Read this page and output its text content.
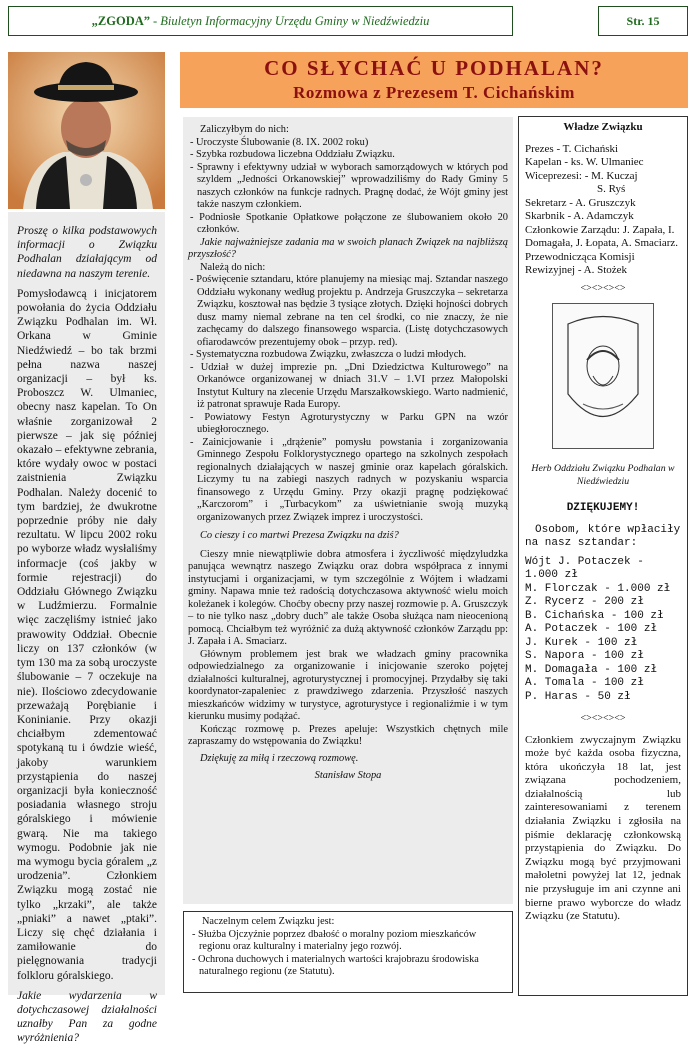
„ZGODA” - Biuletyn Informacyjny Urzędu Gminy w Niedźwiedziu	Str. 15
CO SŁYCHAĆ U PODHALAN?
Rozmowa z Prezesem T. Cichańskim

Proszę o kilka podstawowych informacji o Związku Podhalan działającym od niedawna na naszym terenie.

Pomysłodawcą i inicjatorem powołania do życia Oddziału Związku Podhalan im. Wł. Orkana w Gminie Niedźwiedź – bo tak brzmi pełna nazwa naszej organizacji – był ks. Proboszcz W. Ulmaniec, obecny nasz kapelan. To On właśnie zorganizował 2 pierwsze – jak się później okazało – efektywne zebrania, które wydały owoc w postaci zaistnienia Związku Podhalan. Należy docenić to tym bardziej, że dwukrotne poprzednie próby nie dały rezultatu. W lipcu 2002 roku po wyborze władz wysłaliśmy informacje (coś jakby w formie rejestracji) do Oddziału Głównego Związku w Ludźmierzu. Formalnie więc zaczęliśmy istnieć jako prawowity Oddział. Obecnie liczy on 137 członków (w tym 130 ma za sobą uroczyste ślubowanie – 7 oczekuje na nie). Ilościowo zdecydowanie przeważają Porębianie i Koninianie. Przy okazji chciałbym zdementować spotykaną tu i ówdzie wieść, jakoby warunkiem przystąpienia do naszej organizacji była konieczność posiadania własnego stroju góralskiego i mówienie gwarą. Nie ma takiego wymogu. Podobnie jak nie ma wymogu bycia góralem „z urodzenia”. Członkiem Związku mogą zostać nie tylko „krzaki”, ale także „pniaki” a nawet „ptaki”. Liczy się chęć działania i zamiłowanie do pielęgnowania tradycji folkloru góralskiego.

Jakie wydarzenia w dotychczasowej działalności uznałby Pan za godne wyróżnienia?

Zaliczyłbym do nich:

- Uroczyste Ślubowanie (8. IX. 2002 roku)

- Szybka rozbudowa liczebna Oddziału Związku.

- Sprawny i efektywny udział w wyborach samorządowych w których pod szyldem „Jedności Orkanowskiej” wprowadziliśmy do Rady Gminy 5 naszych członków na funkcje radnych. Pragnę dodać, że Wójt gminy jest także naszym członkiem.

- Podniosłe Spotkanie Opłatkowe połączone ze ślubowaniem około 20 członków.

Jakie najważniejsze zadania ma w swoich planach Związek na najbliższą przyszłość?

Należą do nich:

- Poświęcenie sztandaru, które planujemy na miesiąc maj. Sztandar naszego Oddziału wykonany według projektu p. Andrzeja Gruszczyka – sekretarza Związku, kosztował nas będzie 3 tysiące złotych. Dzięki hojności dobrych dusz mamy niemal zebrane na ten cel środki, co nie znaczy, że nie zachęcamy do dalszego finansowego wsparcia. (Listę dotychczasowych ofiarodawców prezentujemy obok – przyp. red).

- Systematyczna rozbudowa Związku, zwłaszcza o ludzi młodych.

- Udział w dużej imprezie pn. „Dni Dziedzictwa Kulturowego” na Orkanówce organizowanej w dniach 31.V – 1.VI przez Małopolski Instytut Kultury na zlecenie Urzędu Marszałkowskiego. Warto nadmienić, iż patronat sprawuje Rada Europy.

- Powiatowy Festyn Agroturystyczny w Parku GPN na wzór ubiegłorocznego.

- Zainicjowanie i „drążenie” pomysłu powstania i zorganizowania Gminnego Zespołu Folklorystycznego opartego na szkolnych zespołach regionalnych działających w naszej gminie oraz kapelach góralskich. Liczymy tu na zabiegi naszych radnych w pozyskaniu wsparcia finansowego z Urzędu Gminy. Przy okazji pragnę podziękować „Karczorom” i „Turbacykom” za uświetnianie swoją muzyką organizowanych przez Związek imprez i uroczystości.

Co cieszy i co martwi Prezesa Związku na dziś?

Cieszy mnie niewątpliwie dobra atmosfera i życzliwość międzyludzka panująca wewnątrz naszego Związku oraz dobra współpraca z innymi instytucjami i organizacjami, w tym szczególnie z Wójtem i władzami gminy. Napawa mnie też radością dotychczasowa aktywność wielu moich koleżanek i kolegów. Choćby obecny przy naszej rozmowie p. A. Gruszczyk – to nie tylko nasz „dobry duch” ale także Osoba służąca nam nieocenioną pomocą. Chciałbym też wyróżnić za dużą aktywność członków Zarządu pp: J. Zapała i A. Smaciarz.

Głównym problemem jest brak we władzach gminy pracownika odpowiedzialnego za organizowanie i inicjowanie szeroko pojętej działalności kulturalnej, agroturystycznej i promocyjnej. Przydałby się taki koordynator-zapaleniec z prawdziwego zdarzenia. Przyszłość naszych mieszkańców widzimy w turystyce, agroturystyce i regionaliźmie i w tym kierunku musimy podążać.

Kończąc rozmowę p. Prezes apeluje: Wszystkich chętnych mile zapraszamy do wstępowania do Związku!

Dziękuję za miłą i rzeczową rozmowę.

Stanisław Stopa

Naczelnym celem Związku jest:

- Służba Ojczyźnie poprzez dbałość o moralny poziom mieszkańców regionu oraz kulturalny i materialny jego rozwój.

- Ochrona duchowych i materialnych wartości krajobrazu środowiska naturalnego regionu (ze Statutu).

Władze Związku
Prezes - T. Cichański
Kapelan - ks. W. Ulmaniec
Wiceprezesi: - M. Kuczaj
S. Ryś
Sekretarz - A. Gruszczyk
Skarbnik - A. Adamczyk
Członkowie Zarządu: J. Zapała, I. Domagała, J. Łopata, A. Smaciarz.
Przewodnicząca Komisji Rewizyjnej - A. Stożek
<><><><>
Herb Oddziału Związku Podhalan w Niedźwiedziu
DZIĘKUJEMY!
Osobom, które wpłaciły na nasz sztandar:
Wójt J. Potaczek - 1.000 zł
M. Florczak - 1.000 zł
Z. Rycerz - 200 zł
B. Cichańska - 100 zł
A. Potaczek - 100 zł
J. Kurek - 100 zł
S. Napora - 100 zł
M. Domagała - 100 zł
A. Tomala - 100 zł
P. Haras - 50 zł
<><><><>
Członkiem zwyczajnym Związku może być każda osoba fizyczna, która ukończyła 18 lat, jest związana pochodzeniem, działalnością lub zainteresowaniami z terenem działania Związku i zgłosiła na piśmie deklarację członkowską przystąpienia do Związku. Do Związku mogą być przyjmowani małoletni powyżej lat 12, jednak nie przysługuje im ani czynne ani bierne prawo wyborcze do władz Związku (ze Statutu).
